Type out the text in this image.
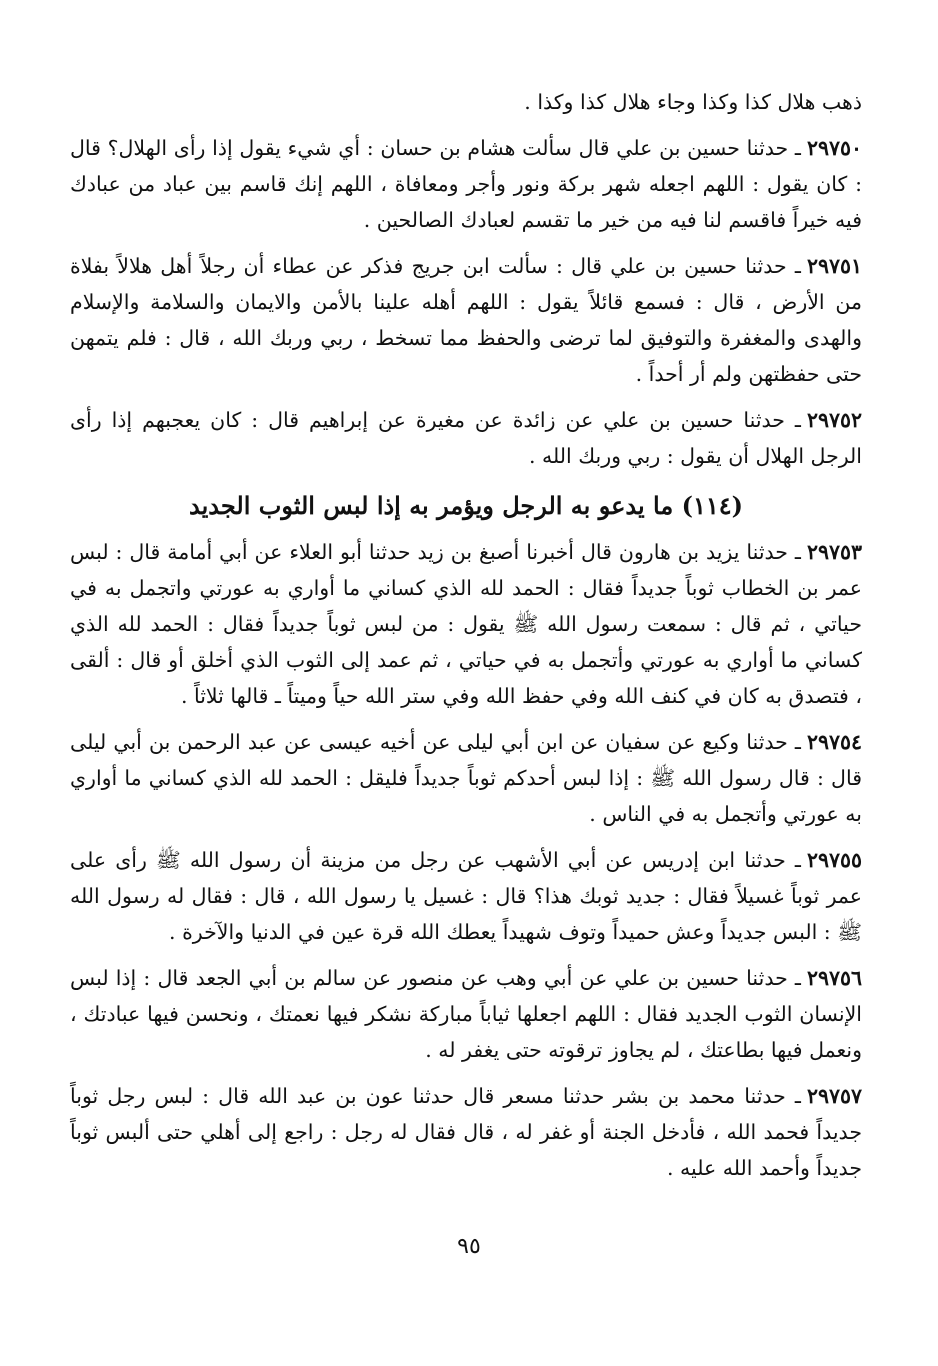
ذهب هلال كذا وكذا وجاء هلال كذا وكذا .

٢٩٧٥٠ـ حدثنا حسين بن علي قال سألت هشام بن حسان : أي شيء يقول إذا رأى الهلال؟ قال : كان يقول : اللهم اجعله شهر بركة ونور وأجر ومعافاة ، اللهم إنك قاسم بين عباد من عبادك فيه خيراً فاقسم لنا فيه من خير ما تقسم لعبادك الصالحين .

٢٩٧٥١ـ حدثنا حسين بن علي قال : سألت ابن جريج فذكر عن عطاء أن رجلاً أهل هلالاً بفلاة من الأرض ، قال : فسمع قائلاً يقول : اللهم أهله علينا بالأمن والايمان والسلامة والإسلام والهدى والمغفرة والتوفيق لما ترضى والحفظ مما تسخط ، ربي وربك الله ، قال : فلم يتمهن حتى حفظتهن ولم أر أحداً .

٢٩٧٥٢ـ حدثنا حسين بن علي عن زائدة عن مغيرة عن إبراهيم قال : كان يعجبهم إذا رأى الرجل الهلال أن يقول : ربي وربك الله .

(١١٤) ما يدعو به الرجل ويؤمر به إذا لبس الثوب الجديد

٢٩٧٥٣ـ حدثنا يزيد بن هارون قال أخبرنا أصبغ بن زيد حدثنا أبو العلاء عن أبي أمامة قال : لبس عمر بن الخطاب ثوباً جديداً فقال : الحمد لله الذي كساني ما أواري به عورتي واتجمل به في حياتي ، ثم قال : سمعت رسول الله ﷺ يقول : من لبس ثوباً جديداً فقال : الحمد لله الذي كساني ما أواري به عورتي وأتجمل به في حياتي ، ثم عمد إلى الثوب الذي أخلق أو قال : ألقى ، فتصدق به كان في كنف الله وفي حفظ الله وفي ستر الله حياً وميتاً ـ قالها ثلاثاً .

٢٩٧٥٤ـ حدثنا وكيع عن سفيان عن ابن أبي ليلى عن أخيه عيسى عن عبد الرحمن بن أبي ليلى قال : قال رسول الله ﷺ : إذا لبس أحدكم ثوباً جديداً فليقل : الحمد لله الذي كساني ما أواري به عورتي وأتجمل به في الناس .

٢٩٧٥٥ـ حدثنا ابن إدريس عن أبي الأشهب عن رجل من مزينة أن رسول الله ﷺ رأى على عمر ثوباً غسيلاً فقال : جديد ثوبك هذا؟ قال : غسيل يا رسول الله ، قال : فقال له رسول الله ﷺ : البس جديداً وعش حميداً وتوف شهيداً يعطك الله قرة عين في الدنيا والآخرة .

٢٩٧٥٦ـ حدثنا حسين بن علي عن أبي وهب عن منصور عن سالم بن أبي الجعد قال : إذا لبس الإنسان الثوب الجديد فقال : اللهم اجعلها ثياباً مباركة نشكر فيها نعمتك ، ونحسن فيها عبادتك ، ونعمل فيها بطاعتك ، لم يجاوز ترقوته حتى يغفر له .

٢٩٧٥٧ـ حدثنا محمد بن بشر حدثنا مسعر قال حدثنا عون بن عبد الله قال : لبس رجل ثوباً جديداً فحمد الله ، فأدخل الجنة أو غفر له ، قال فقال له رجل : راجع إلى أهلي حتى ألبس ثوباً جديداً وأحمد الله عليه .

٩٥
